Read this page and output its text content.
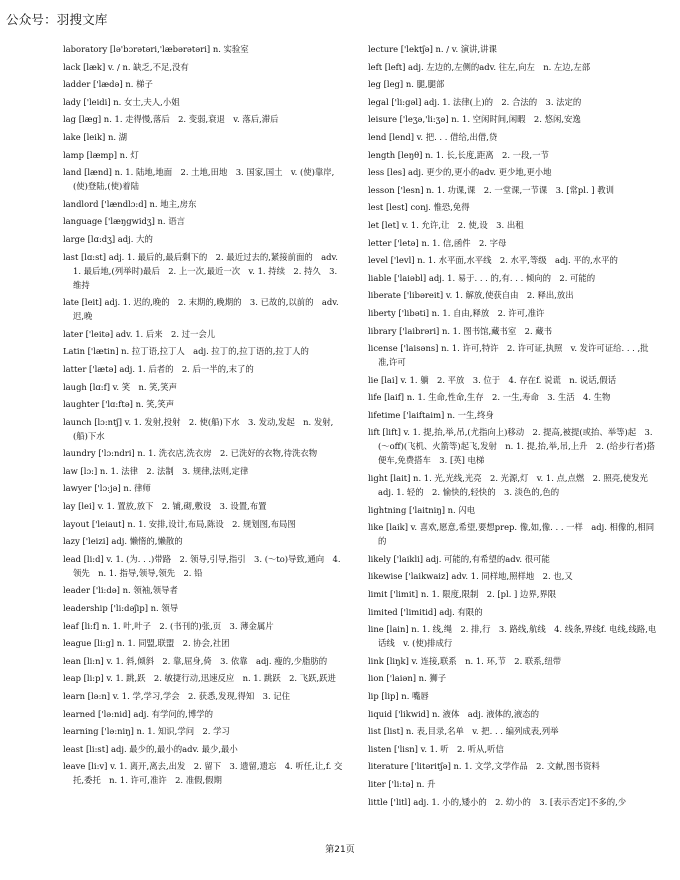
公众号：羽搜文库
laboratory [lə'bɔrətəri,'læbərətəri] n. 实验室
lack [læk] v. / n. 缺乏,不足,没有
ladder ['lædə] n. 梯子
lady ['leidi] n. 女士,夫人,小姐
lag [læg] n. 1. 走得慢,落后　2. 变弱,衰退　v. 落后,滞后
lake [leik] n. 湖
lamp [læmp] n. 灯
land [lænd] n. 1. 陆地,地面　2. 土地,田地　3. 国家,国土　v. (使)靠岸,(使)登陆,(使)着陆
landlord ['lændlɔ:d] n. 地主,房东
language ['læŋgwidʒ] n. 语言
large [lɑ:dʒ] adj. 大的
last [lɑ:st] adj. 1. 最后的,最后剩下的　2. 最近过去的,紧接前面的　adv. 1. 最后地,(列举时)最后　2. 上一次,最近一次　v. 1. 持续　2. 持久　3. 维持
late [leit] adj. 1. 迟的,晚的　2. 末期的,晚期的　3. 已故的,以前的　adv. 迟,晚
later ['leitə] adv. 1. 后来　2. 过一会儿
Latin ['lætin] n. 拉丁语,拉丁人　adj. 拉丁的,拉丁语的,拉丁人的
latter ['lætə] adj. 1. 后者的　2. 后一半的,末了的
laugh [lɑ:f] v. 笑　n. 笑,笑声
laughter ['lɑ:ftə] n. 笑,笑声
launch [lɔ:ntʃ] v. 1. 发射,投射　2. 使(船)下水　3. 发动,发起　n. 发射,(船)下水
laundry ['lɔ:ndri] n. 1. 洗衣店,洗衣房　2. 已洗好的衣物,待洗衣物
law [lɔ:] n. 1. 法律　2. 法制　3. 规律,法则,定律
lawyer ['lɔ:jə] n. 律师
lay [lei] v. 1. 置放,放下　2. 铺,砌,敷设　3. 设置,布置
layout ['leiaut] n. 1. 安排,设计,布局,陈设　2. 规划图,布局图
lazy ['leizi] adj. 懒惰的,懒散的
lead [li:d] v. 1. (为. . .)带路　2. 领导,引导,指引　3. (～to)导致,通向　4. 领先　n. 1. 指导,领导,领先　2. 铅
leader ['li:də] n. 领袖,领导者
leadership ['li:dəʃip] n. 领导
leaf [li:f] n. 1. 叶,叶子　2. (书刊的)张,页　3. 薄金属片
league [li:g] n. 1. 同盟,联盟　2. 协会,社团
lean [li:n] v. 1. 斜,倾斜　2. 靠,屈身,倚　3. 依靠　adj. 瘦的,少脂肪的
leap [li:p] v. 1. 跳,跃　2. 敏捷行动,迅速反应　n. 1. 跳跃　2. 飞跃,跃进
learn [lə:n] v. 1. 学,学习,学会　2. 获悉,发现,得知　3. 记住
learned ['lə:nid] adj. 有学问的,博学的
learning ['lə:niŋ] n. 1. 知识,学问　2. 学习
least [li:st] adj. 最少的,最小的adv. 最少,最小
leave [li:v] v. 1. 离开,离去,出发　2. 留下　3. 遗留,遗忘　4. 听任,让,f. 交托,委托　n. 1. 许可,准许　2. 准假,假期
lecture ['lektʃə] n. / v. 演讲,讲课
left [left] adj. 左边的,左侧的adv. 往左,向左　n. 左边,左部
leg [leg] n. 腿,腿部
legal ['li:gəl] adj. 1. 法律(上)的　2. 合法的　3. 法定的
leisure ['leʒə,'li:ʒə] n. 1. 空闲时间,闲暇　2. 悠闲,安逸
lend [lend] v. 把. . . 借给,出借,贷
length [leŋθ] n. 1. 长,长度,距离　2. 一段,一节
less [les] adj. 更少的,更小的adv. 更少地,更小地
lesson ['lesn] n. 1. 功课,课　2. 一堂课,一节课　3. [常pl. ] 教训
lest [lest] conj. 惟恐,免得
let [let] v. 1. 允许,让　2. 使,设　3. 出租
letter ['letə] n. 1. 信,函件　2. 字母
level ['levl] n. 1. 水平面,水平线　2. 水平,等级　adj. 平的,水平的
liable ['laiəbl] adj. 1. 易于. . . 的,有. . . 倾向的　2. 可能的
liberate ['libəreit] v. 1. 解放,使获自由　2. 释出,放出
liberty ['libəti] n. 1. 自由,释放　2. 许可,准许
library ['laibrəri] n. 1. 图书馆,藏书室　2. 藏书
license ['laisəns] n. 1. 许可,特许　2. 许可证,执照　v. 发许可证给. . . ,批准,许可
lie [lai] v. 1. 躺　2. 平放　3. 位于　4. 存在f. 说谎　n. 说话,假话
life [laif] n. 1. 生命,性命,生存　2. 一生,寿命　3. 生活　4. 生物
lifetime ['laiftaim] n. 一生,终身
lift [lift] v. 1. 提,抬,举,吊,(尤指向上)移动　2. 提高,被提(或抬、举等)起　3. (～off)(飞机、火箭等)起飞,发射　n. 1. 提,抬,举,吊,上升　2. (给步行者)搭便车,免费搭车　3. [英] 电梯
light [lait] n. 1. 光,光线,光亮　2. 光源,灯　v. 1. 点,点燃　2. 照亮,使发光　adj. 1. 轻的　2. 愉快的,轻快的　3. 淡色的,色的
lightning ['laitniŋ] n. 闪电
like [laik] v. 喜欢,愿意,希望,要想prep. 像,如,像. . . 一样　adj. 相像的,相同的
likely ['laikli] adj. 可能的,有希望的adv. 很可能
likewise ['laikwaiz] adv. 1. 同样地,照样地　2. 也,又
limit ['limit] n. 1. 限度,限制　2. [pl. ] 边界,界限
limited ['limitid] adj. 有限的
line [lain] n. 1. 线,绳　2. 排,行　3. 路线,航线　4. 线条,界线f. 电线,线路,电话线　v. (使)排成行
link [liŋk] v. 连接,联系　n. 1. 环,节　2. 联系,纽带
lion ['laiən] n. 狮子
lip [lip] n. 嘴唇
liquid ['likwid] n. 液体　adj. 液体的,液态的
list [list] n. 表,目录,名单　v. 把. . . 编列成表,列举
listen ['lisn] v. 1. 听　2. 听从,听信
literature ['litəritʃə] n. 1. 文学,文学作品　2. 文献,图书资料
liter ['li:tə] n. 升
little ['litl] adj. 1. 小的,矮小的　2. 幼小的　3. [表示否定]不多的,少
第21页
